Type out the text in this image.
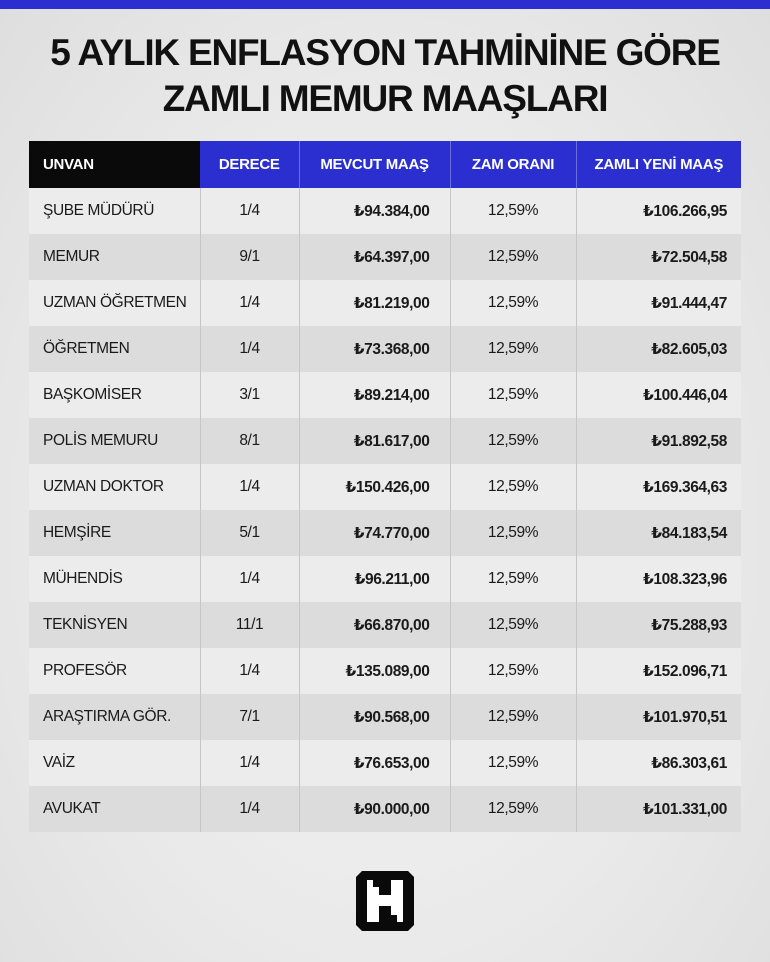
5 AYLIK ENFLASYON TAHMİNİNE GÖRE
ZAMLI MEMUR MAAŞLARI
UNVAN	DERECE	MEVCUT MAAŞ	ZAM ORANI	ZAMLI YENİ MAAŞ
ŞUBE MÜDÜRÜ	1/4	₺94.384,00	12,59%	₺106.266,95
MEMUR	9/1	₺64.397,00	12,59%	₺72.504,58
UZMAN ÖĞRETMEN	1/4	₺81.219,00	12,59%	₺91.444,47
ÖĞRETMEN	1/4	₺73.368,00	12,59%	₺82.605,03
BAŞKOMİSER	3/1	₺89.214,00	12,59%	₺100.446,04
POLİS MEMURU	8/1	₺81.617,00	12,59%	₺91.892,58
UZMAN DOKTOR	1/4	₺150.426,00	12,59%	₺169.364,63
HEMŞİRE	5/1	₺74.770,00	12,59%	₺84.183,54
MÜHENDİS	1/4	₺96.211,00	12,59%	₺108.323,96
TEKNİSYEN	11/1	₺66.870,00	12,59%	₺75.288,93
PROFESÖR	1/4	₺135.089,00	12,59%	₺152.096,71
ARAŞTIRMA GÖR.	7/1	₺90.568,00	12,59%	₺101.970,51
VAİZ	1/4	₺76.653,00	12,59%	₺86.303,61
AVUKAT	1/4	₺90.000,00	12,59%	₺101.331,00
